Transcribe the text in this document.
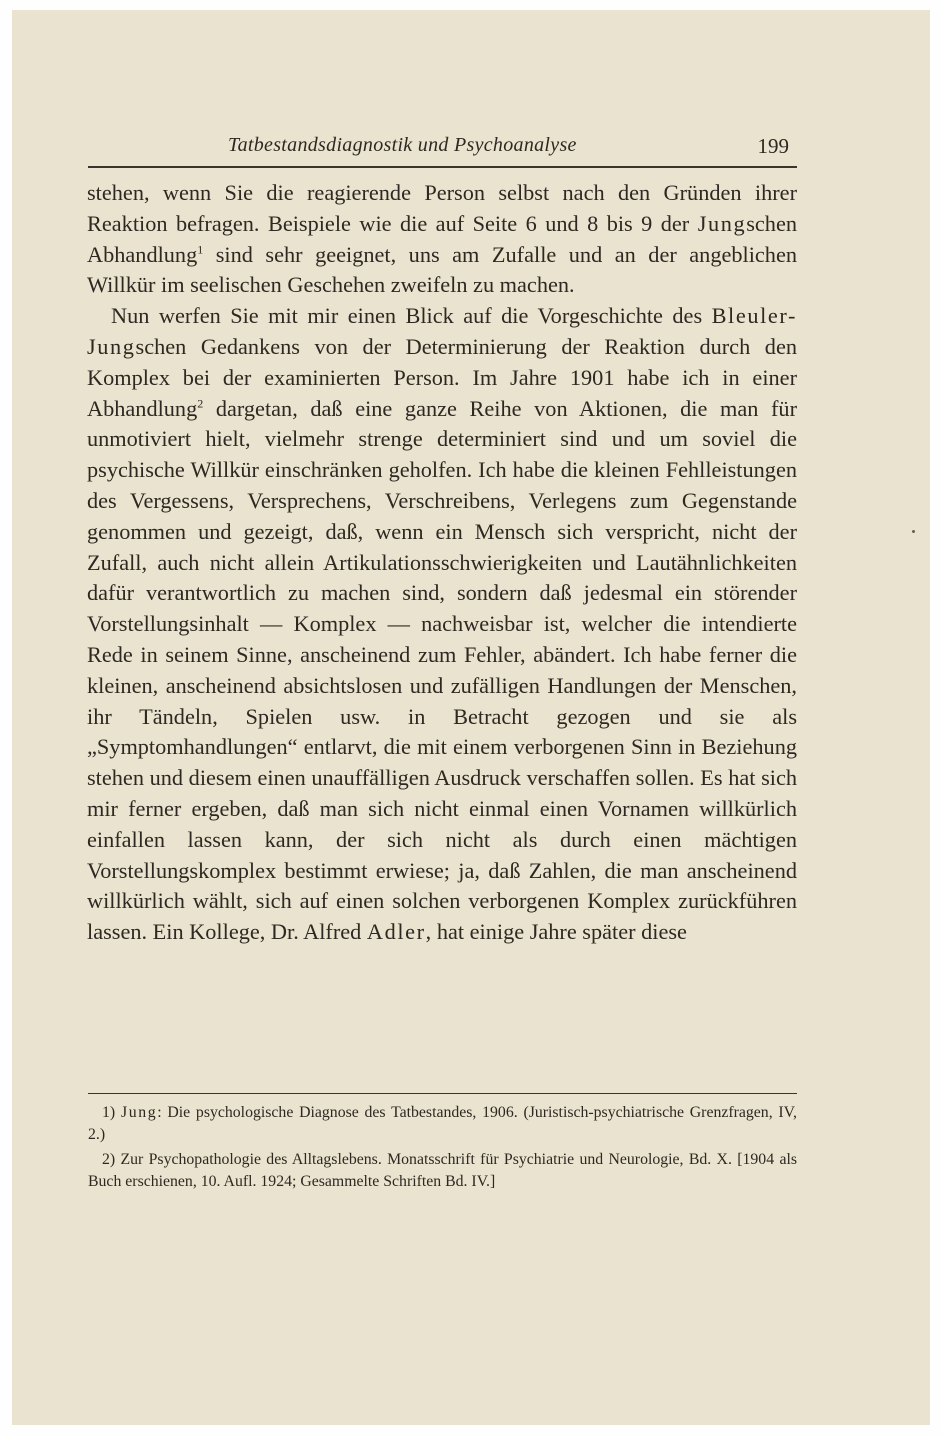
Tatbestandsdiagnostik und Psychoanalyse	199

stehen, wenn Sie die reagierende Person selbst nach den Gründen ihrer Reaktion befragen. Beispiele wie die auf Seite 6 und 8 bis 9 der Jungschen Abhandlung$^1$ sind sehr geeignet, uns am Zufalle und an der angeblichen Willkür im seelischen Geschehen zweifeln zu machen.

Nun werfen Sie mit mir einen Blick auf die Vorgeschichte des Bleuler-Jungschen Gedankens von der Determinierung der Reaktion durch den Komplex bei der examinierten Person. Im Jahre 1901 habe ich in einer Abhandlung$^2$ dargetan, daß eine ganze Reihe von Aktionen, die man für unmotiviert hielt, vielmehr strenge determiniert sind und um soviel die psychische Willkür einschränken geholfen. Ich habe die kleinen Fehlleistungen des Vergessens, Versprechens, Verschreibens, Verlegens zum Gegenstande genommen und gezeigt, daß, wenn ein Mensch sich verspricht, nicht der Zufall, auch nicht allein Artikulationsschwierigkeiten und Lautähnlichkeiten dafür verantwortlich zu machen sind, sondern daß jedesmal ein störender Vorstellungsinhalt — Komplex — nachweisbar ist, welcher die intendierte Rede in seinem Sinne, anscheinend zum Fehler, abändert. Ich habe ferner die kleinen, anscheinend absichtslosen und zufälligen Handlungen der Menschen, ihr Tändeln, Spielen usw. in Betracht gezogen und sie als „Symptomhandlungen“ entlarvt, die mit einem verborgenen Sinn in Beziehung stehen und diesem einen unauffälligen Ausdruck verschaffen sollen. Es hat sich mir ferner ergeben, daß man sich nicht einmal einen Vornamen willkürlich einfallen lassen kann, der sich nicht als durch einen mächtigen Vorstellungskomplex bestimmt erwiese; ja, daß Zahlen, die man anscheinend willkürlich wählt, sich auf einen solchen verborgenen Komplex zurückführen lassen. Ein Kollege, Dr. Alfred Adler, hat einige Jahre später diese

1) Jung: Die psychologische Diagnose des Tatbestandes, 1906. (Juristisch-psychiatrische Grenzfragen, IV, 2.)

2) Zur Psychopathologie des Alltagslebens. Monatsschrift für Psychiatrie und Neurologie, Bd. X. [1904 als Buch erschienen, 10. Aufl. 1924; Gesammelte Schriften Bd. IV.]
